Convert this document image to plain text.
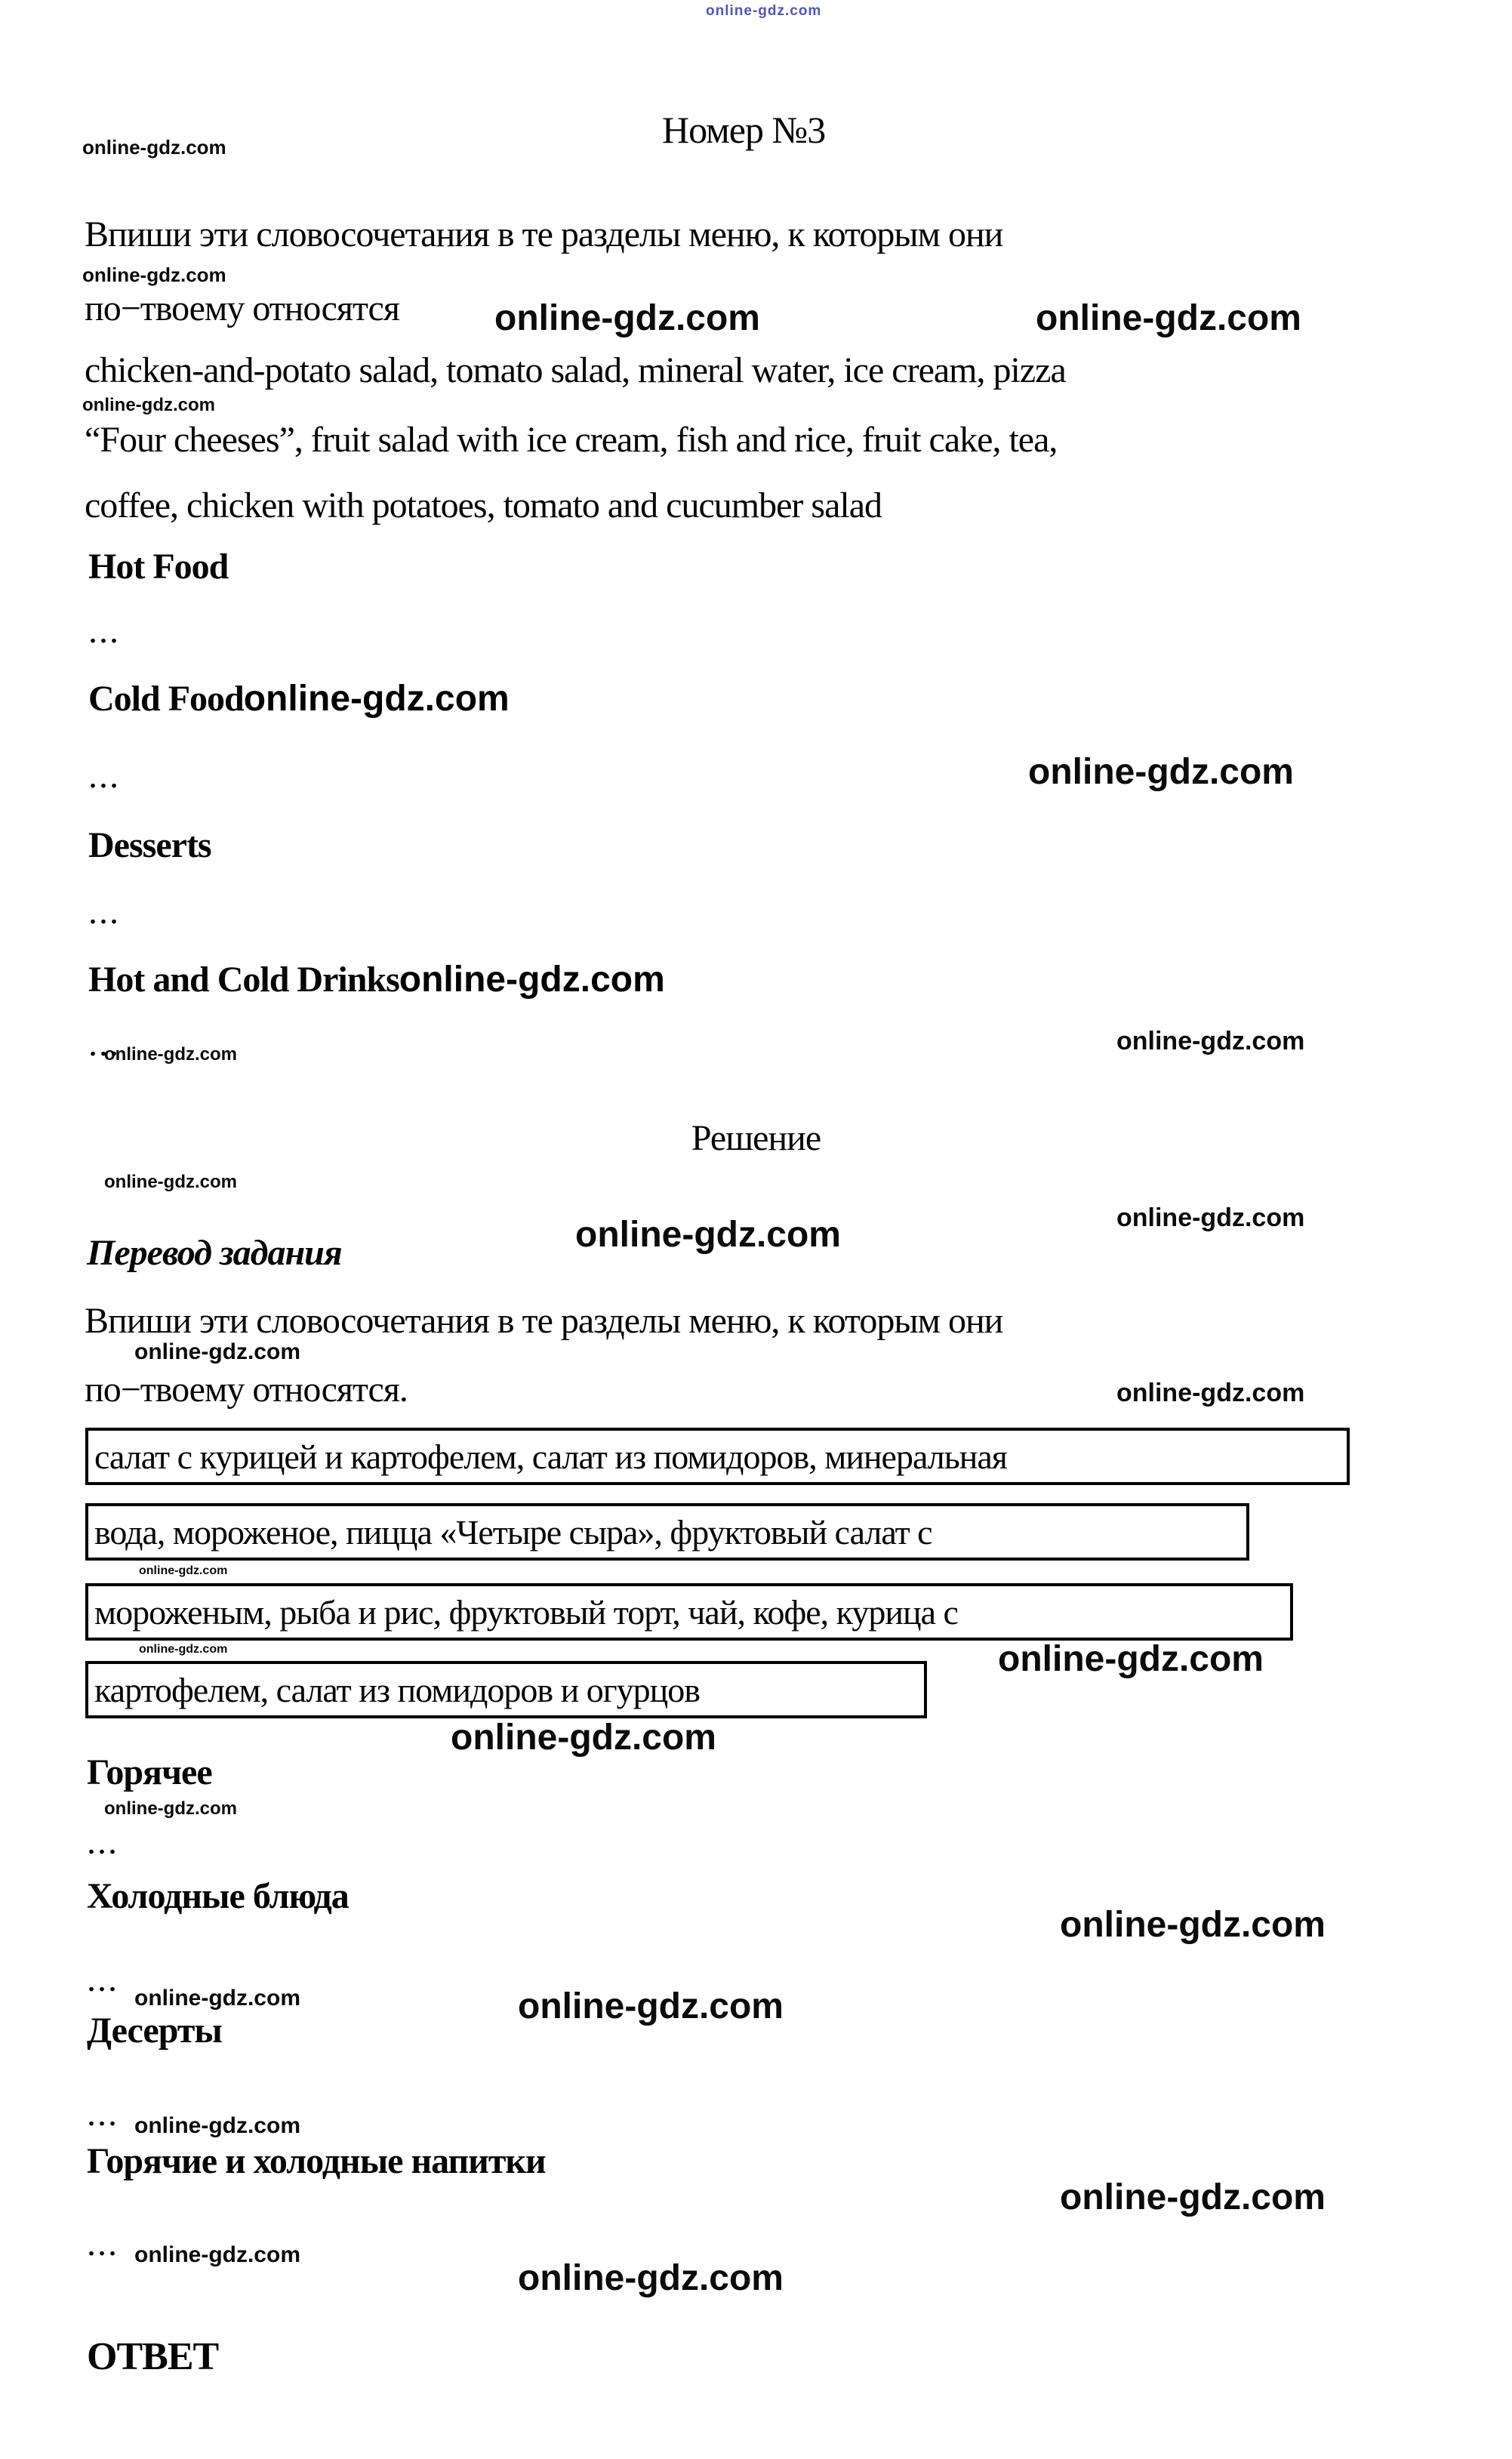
online-gdz.com
Номер №3
online-gdz.com
Впиши эти словосочетания в те разделы меню, к которым они
online-gdz.com
по−твоему относятся	online-gdz.com	online-gdz.com
chicken-and-potato salad, tomato salad, mineral water, ice cream, pizza
online-gdz.com
“Four cheeses”, fruit salad with ice cream, fish and rice, fruit cake, tea,
coffee, chicken with potatoes, tomato and cucumber salad
Hot Food
...
Cold Foodonline-gdz.com
...	online-gdz.com
Desserts
...
Hot and Cold Drinksonline-gdz.com
...
online-gdz.com	online-gdz.com
Решение
online-gdz.com
online-gdz.com
Перевод задания	online-gdz.com
Впиши эти словосочетания в те разделы меню, к которым они
online-gdz.com
по−твоему относятся.	online-gdz.com
салат с курицей и картофелем, салат из помидоров, минеральная
вода, мороженое, пицца «Четыре сыра», фруктовый салат с
online-gdz.com
мороженым, рыба и рис, фруктовый торт, чай, кофе, курица с
online-gdz.com
картофелем, салат из помидоров и огурцов
online-gdz.com
online-gdz.com
Горячее
online-gdz.com
...
Холодные блюда
online-gdz.com
... online-gdz.com
Десерты
online-gdz.com
... online-gdz.com
Горячие и холодные напитки
online-gdz.com
... online-gdz.com
online-gdz.com
ОТВЕТ
